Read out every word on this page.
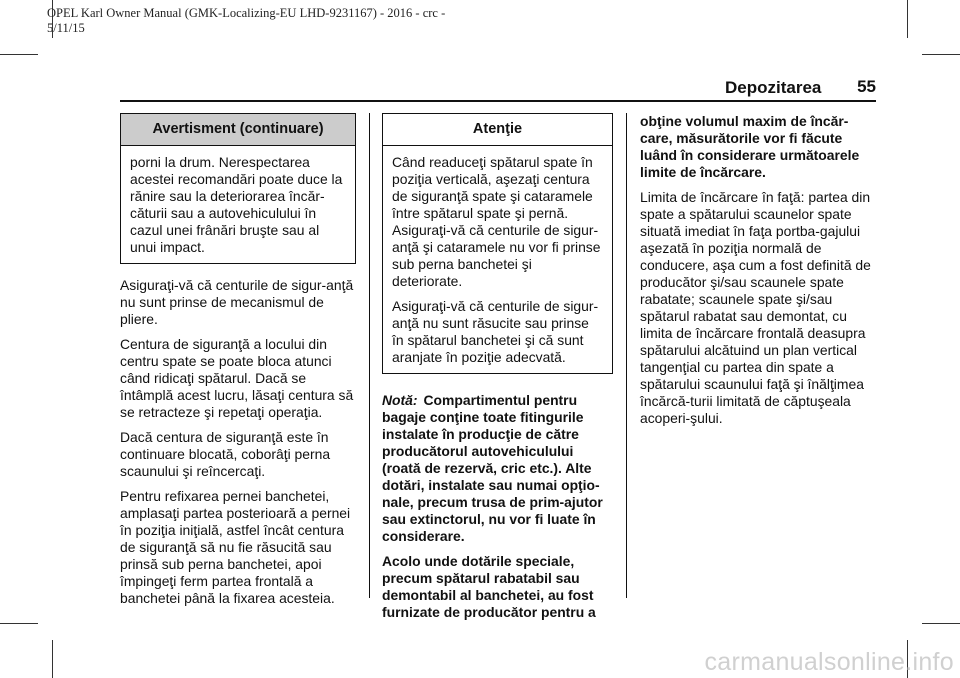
OPEL Karl Owner Manual (GMK-Localizing-EU LHD-9231167) - 2016 - crc -
5/11/15
Depozitarea	55
Avertisment (continuare)

porni la drum. Nerespectarea acestei recomandări poate duce la rănire sau la deteriorarea încăr-căturii sau a autovehiculului în cazul unei frânări bruşte sau al unui impact.

Asiguraţi-vă că centurile de sigur-anţă nu sunt prinse de mecanismul de pliere.

Centura de siguranţă a locului din centru spate se poate bloca atunci când ridicaţi spătarul. Dacă se întâmplă acest lucru, lăsaţi centura să se retracteze şi repetaţi operaţia.

Dacă centura de siguranţă este în continuare blocată, coborâţi perna scaunului şi reîncercaţi.

Pentru refixarea pernei banchetei, amplasaţi partea posterioară a pernei în poziţia iniţială, astfel încât centura de siguranţă să nu fie răsucită sau prinsă sub perna banchetei, apoi împingeţi ferm partea frontală a banchetei până la fixarea acesteia.

Atenţie

Când readuceţi spătarul spate în poziţia verticală, aşezaţi centura de siguranţă spate şi cataramele între spătarul spate şi pernă. Asiguraţi-vă că centurile de sigur-anţă şi cataramele nu vor fi prinse sub perna banchetei şi deteriorate.

Asiguraţi-vă că centurile de sigur-anţă nu sunt răsucite sau prinse în spătarul banchetei şi că sunt aranjate în poziţie adecvată.

Notă: Compartimentul pentru bagaje conţine toate fitingurile instalate în producţie de către producătorul autovehiculului (roată de rezervă, cric etc.). Alte dotări, instalate sau numai opţio-nale, precum trusa de prim-ajutor sau extinctorul, nu vor fi luate în considerare.

Acolo unde dotările speciale, precum spătarul rabatabil sau demontabil al banchetei, au fost furnizate de producător pentru a

obţine volumul maxim de încăr-care, măsurătorile vor fi făcute luând în considerare următoarele limite de încărcare.

Limita de încărcare în faţă: partea din spate a spătarului scaunelor spate situată imediat în faţa portba-gajului aşezată în poziţia normală de conducere, aşa cum a fost definită de producător şi/sau scaunele spate rabatate; scaunele spate şi/sau spătarul rabatat sau demontat, cu limita de încărcare frontală deasupra spătarului alcătuind un plan vertical tangenţial cu partea din spate a spătarului scaunului faţă şi înălţimea încărcă-turii limitată de căptuşeala acoperi-şului.

carmanualsonline.info
